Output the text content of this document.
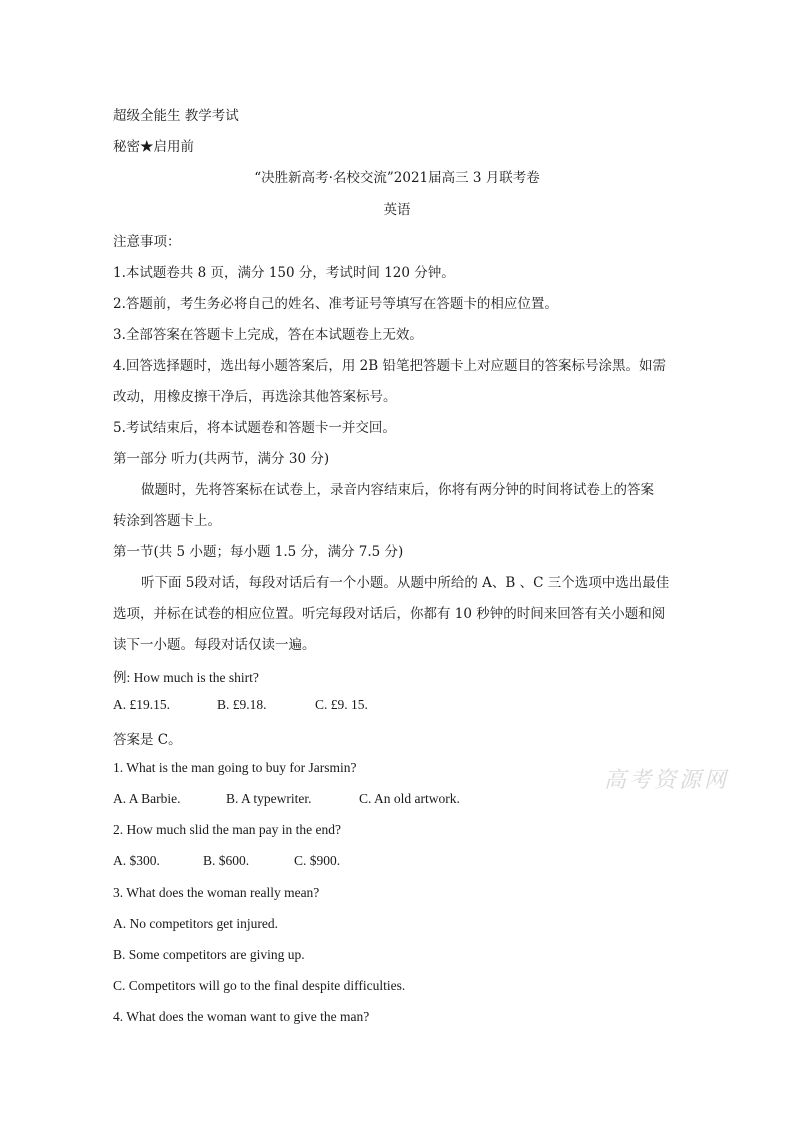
超级全能生 教学考试
秘密★启用前
“决胜新高考·名校交流”2021届高三 3 月联考卷
英语
注意事项：
1.本试题卷共 8 页，满分 150 分，考试时间 120 分钟。
2.答题前，考生务必将自己的姓名、准考证号等填写在答题卡的相应位置。
3.全部答案在答题卡上完成，答在本试题卷上无效。
4.回答选择题时，选出每小题答案后，用 2B 铅笔把答题卡上对应题目的答案标号涂黑。如需
改动，用橡皮擦干净后，再选涂其他答案标号。
5.考试结束后，将本试题卷和答题卡一并交回。
第一部分 听力(共两节，满分 30 分)
做题时，先将答案标在试卷上，录音内容结束后，你将有两分钟的时间将试卷上的答案
转涂到答题卡上。
第一节(共 5 小题；每小题 1.5 分，满分 7.5 分)
听下面 5段对话，每段对话后有一个小题。从题中所给的 A、B 、C 三个选项中选出最佳
选项，并标在试卷的相应位置。听完每段对话后，你都有 10 秒钟的时间来回答有关小题和阅
读下一小题。每段对话仅读一遍。
例: How much is the shirt?
A. £19.15.	B. £9.18.	C. £9. 15.
答案是 C。
1. What is the man going to buy for Jarsmin?
A. A Barbie.	B. A typewriter.	C. An old artwork.
2. How much slid the man pay in the end?
A. $300.	B. $600.	C. $900.
3. What does the woman really mean?
A. No competitors get injured.
B. Some competitors are giving up.
C. Competitors will go to the final despite difficulties.
4. What does the woman want to give the man?
高考资源网
